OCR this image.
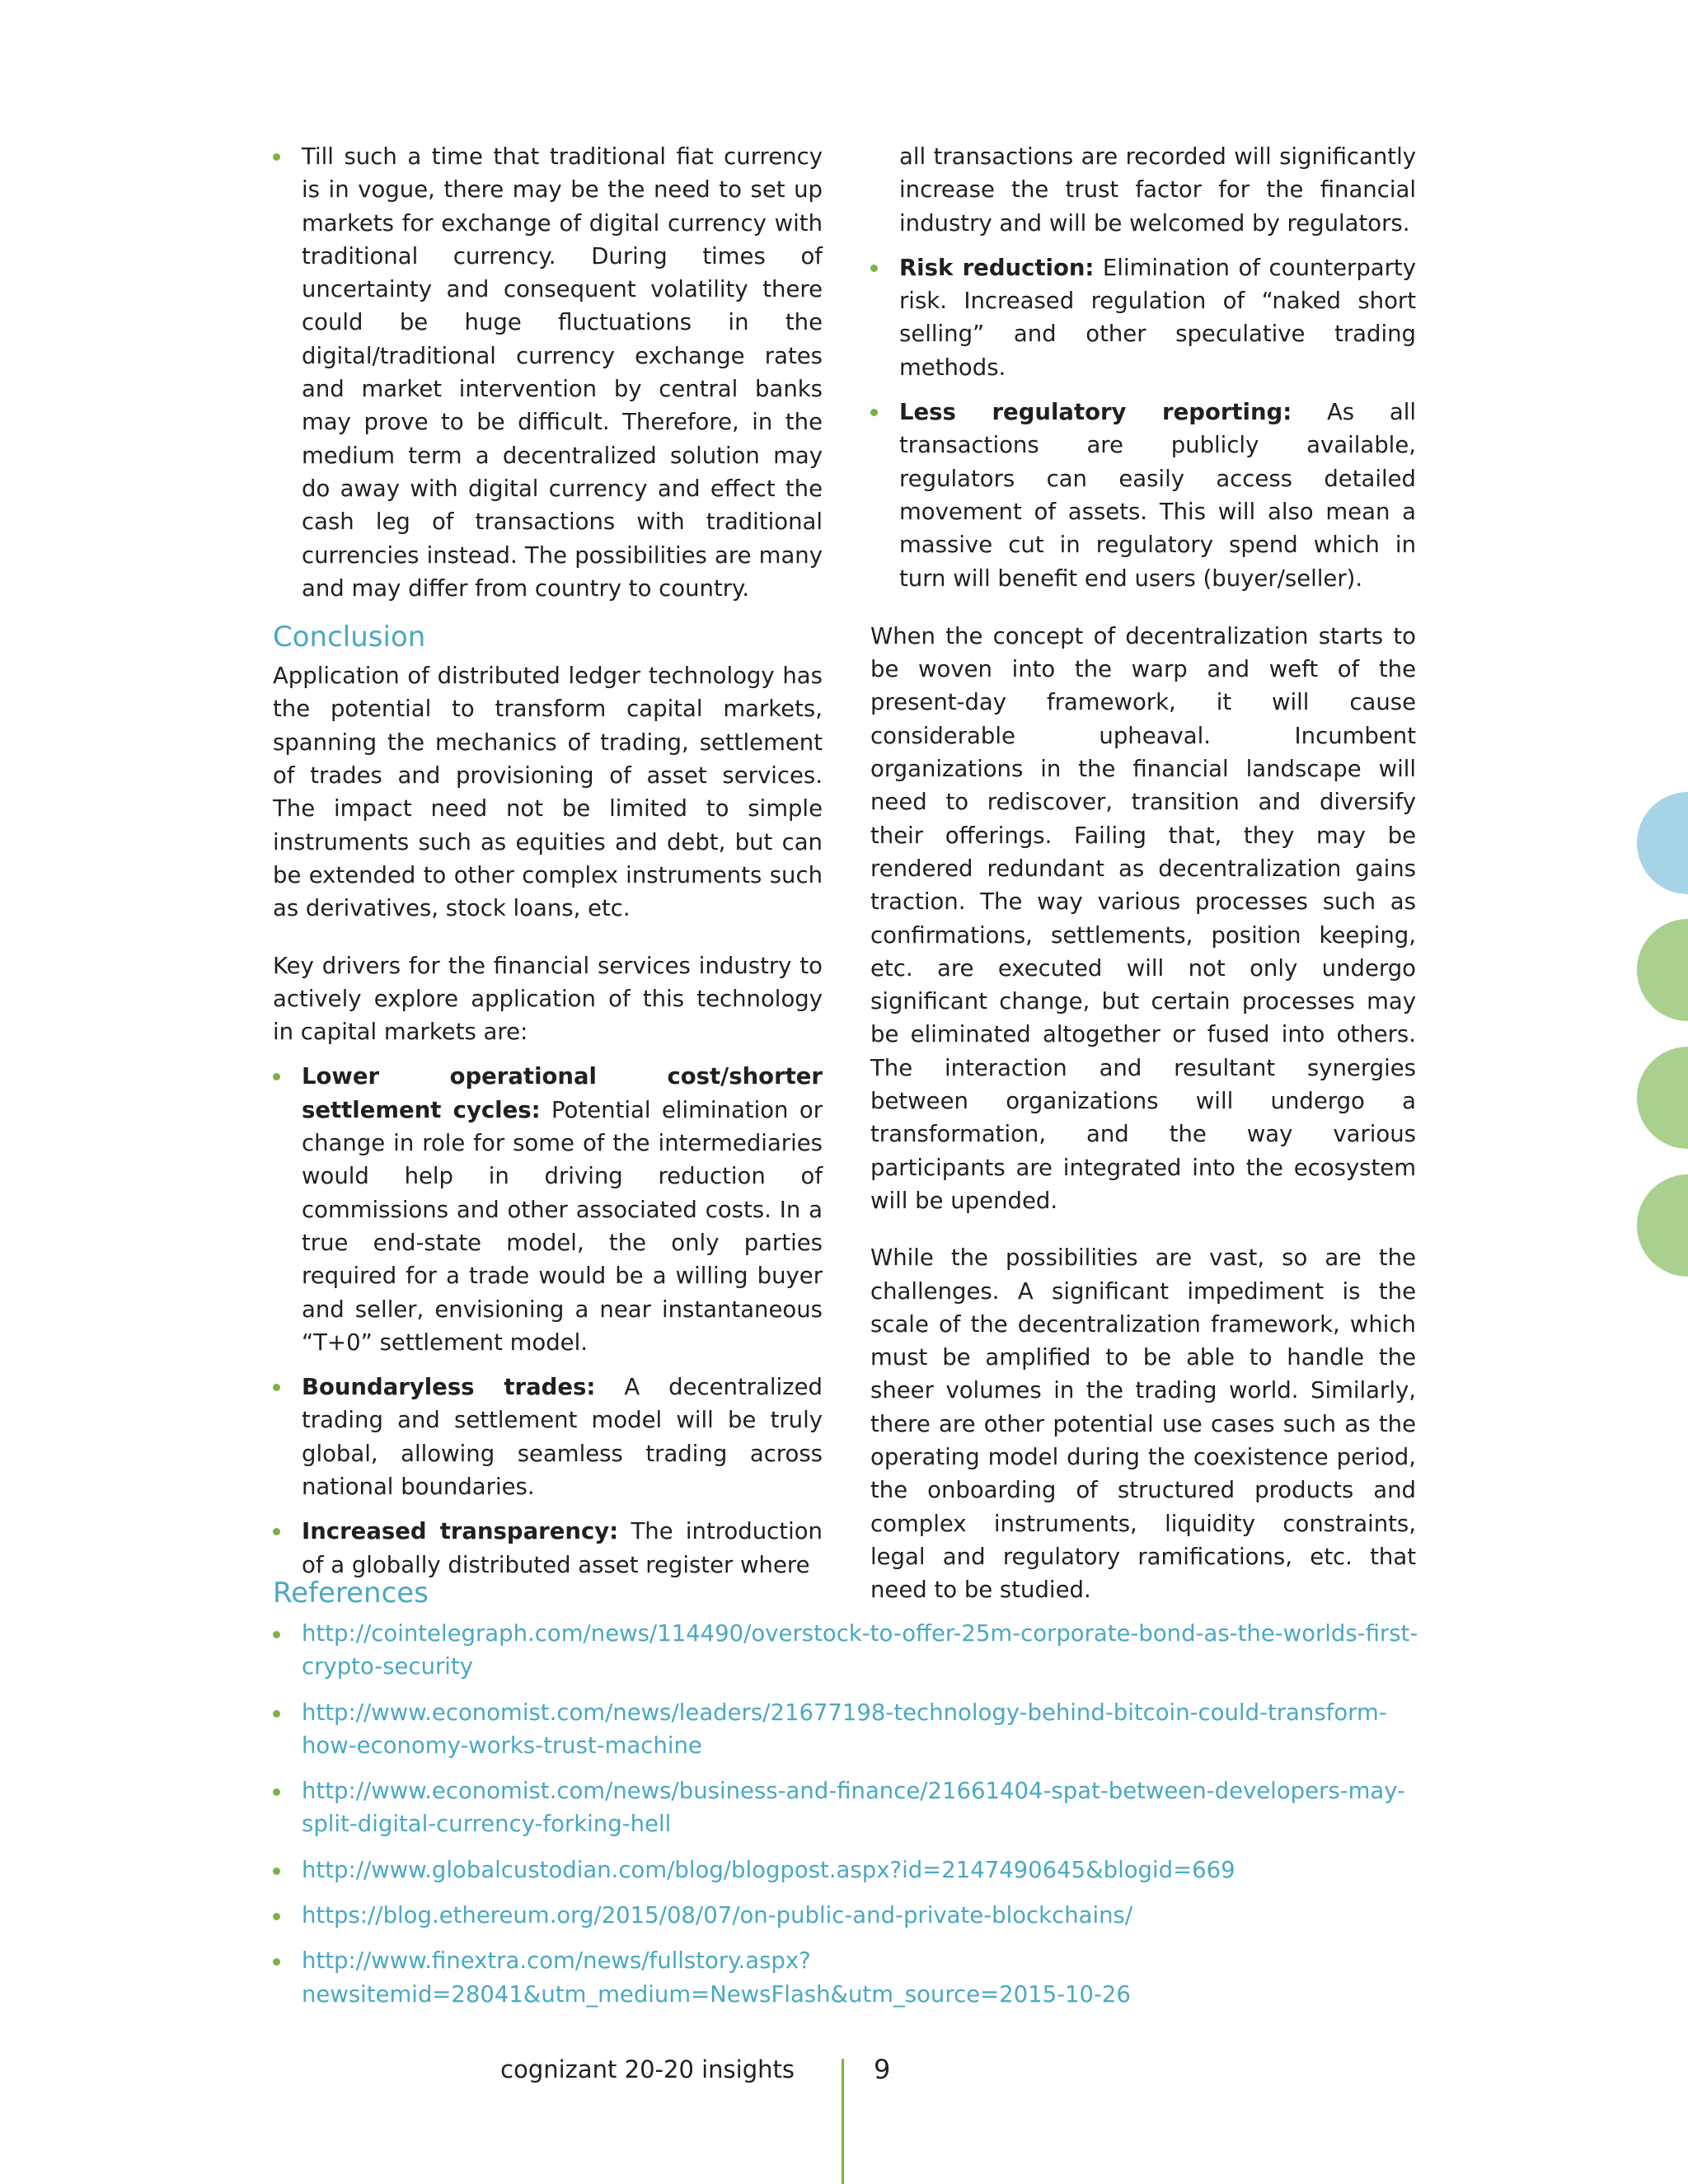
Till such a time that traditional fiat currency is in vogue, there may be the need to set up markets for exchange of digital currency with traditional currency. During times of uncertainty and consequent volatility there could be huge fluctuations in the digital/traditional currency exchange rates and market intervention by central banks may prove to be difficult. Therefore, in the medium term a decentralized solution may do away with digital currency and effect the cash leg of transactions with traditional currencies instead. The possibilities are many and may differ from country to country.
Conclusion

Application of distributed ledger technology has the potential to transform capital markets, spanning the mechanics of trading, settlement of trades and provisioning of asset services. The impact need not be limited to simple instruments such as equities and debt, but can be extended to other complex instruments such as derivatives, stock loans, etc.

Key drivers for the financial services industry to actively explore application of this technology in capital markets are:

Lower operational cost/shorter settlement cycles: Potential elimination or change in role for some of the intermediaries would help in driving reduction of commissions and other associated costs. In a true end-state model, the only parties required for a trade would be a willing buyer and seller, envisioning a near instantaneous “T+0” settlement model.
Boundaryless trades: A decentralized trading and settlement model will be truly global, allowing seamless trading across national boundaries.
Increased transparency: The introduction of a globally distributed asset register where
all transactions are recorded will significantly increase the trust factor for the financial industry and will be welcomed by regulators.
Risk reduction: Elimination of counterparty risk. Increased regulation of “naked short selling” and other speculative trading methods.
Less regulatory reporting: As all transactions are publicly available, regulators can easily access detailed movement of assets. This will also mean a massive cut in regulatory spend which in turn will benefit end users (buyer/seller).

When the concept of decentralization starts to be woven into the warp and weft of the present-day framework, it will cause considerable upheaval. Incumbent organizations in the financial landscape will need to rediscover, transition and diversify their offerings. Failing that, they may be rendered redundant as decentralization gains traction. The way various processes such as confirmations, settlements, position keeping, etc. are executed will not only undergo significant change, but certain processes may be eliminated altogether or fused into others. The interaction and resultant synergies between organizations will undergo a transformation, and the way various participants are integrated into the ecosystem will be upended.

While the possibilities are vast, so are the challenges. A significant impediment is the scale of the decentralization framework, which must be amplified to be able to handle the sheer volumes in the trading world. Similarly, there are other potential use cases such as the operating model during the coexistence period, the onboarding of structured products and complex instruments, liquidity constraints, legal and regulatory ramifications, etc. that need to be studied.

References
http://cointelegraph.com/news/114490/overstock-to-offer-25m-corporate-bond-as-the-worlds-first-crypto-security
http://www.economist.com/news/leaders/21677198-technology-behind-bitcoin-could-transform-how-economy-works-trust-machine
http://www.economist.com/news/business-and-finance/21661404-spat-between-developers-may-split-digital-currency-forking-hell
http://www.globalcustodian.com/blog/blogpost.aspx?id=2147490645&blogid=669
https://blog.ethereum.org/2015/08/07/on-public-and-private-blockchains/
http://www.finextra.com/news/fullstory.aspx?newsitemid=28041&utm_medium=NewsFlash&utm_source=2015-10-26
cognizant 20-20 insights	9
